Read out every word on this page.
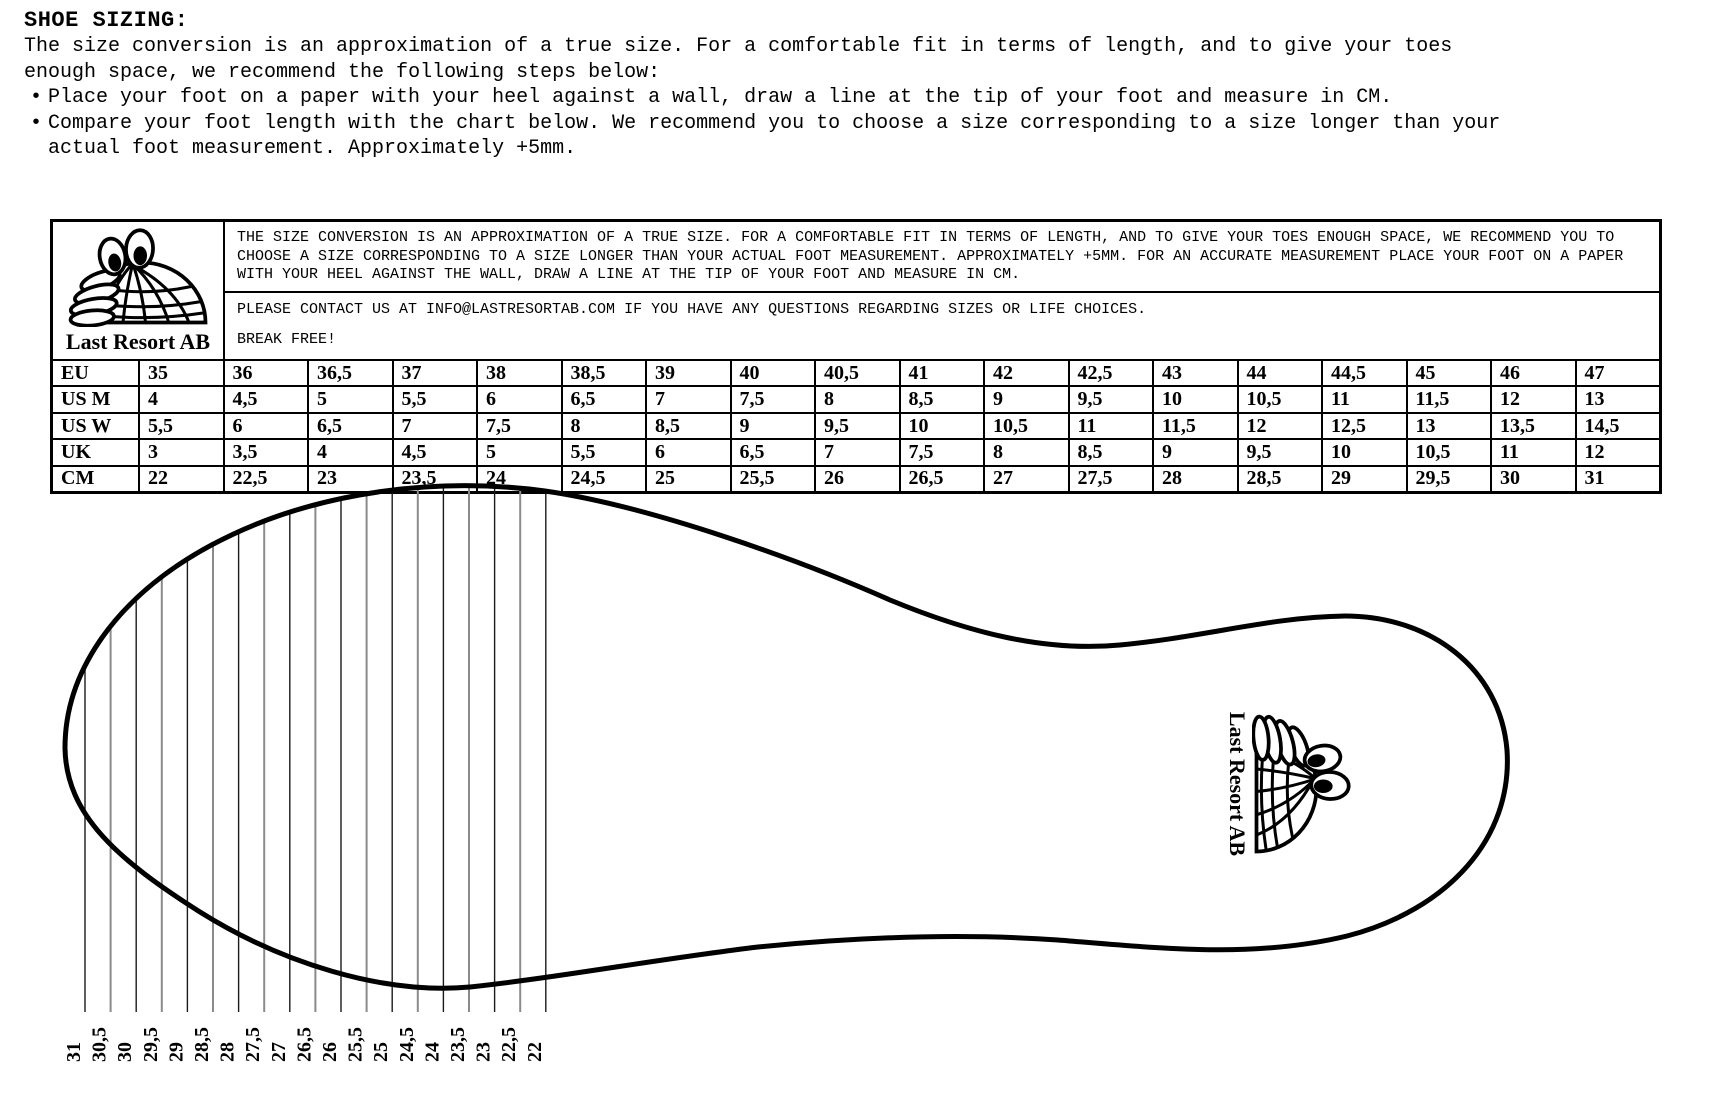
SHOE SIZING:
The size conversion is an approximation of a true size. For a comfortable fit in terms of length, and to give your toes
enough space, we recommend the following steps below:
• Place your foot on a paper with your heel against a wall, draw a line at the tip of your foot and measure in CM.
• Compare your foot length with the chart below. We recommend you to choose a size corresponding to a size longer than your
actual foot measurement. Approximately +5mm.
Last Resort AB
THE SIZE CONVERSION IS AN APPROXIMATION OF A TRUE SIZE. FOR A COMFORTABLE FIT IN TERMS OF LENGTH, AND TO GIVE YOUR TOES ENOUGH SPACE, WE RECOMMEND YOU TO CHOOSE A SIZE CORRESPONDING TO A SIZE LONGER THAN YOUR ACTUAL FOOT MEASUREMENT. APPROXIMATELY +5MM. FOR AN ACCURATE MEASUREMENT PLACE YOUR FOOT ON A PAPER WITH YOUR HEEL AGAINST THE WALL, DRAW A LINE AT THE TIP OF YOUR FOOT AND MEASURE IN CM.
PLEASE CONTACT US AT INFO@LASTRESORTAB.COM IF YOU HAVE ANY QUESTIONS REGARDING SIZES OR LIFE CHOICES.
BREAK FREE!
EU	35	36	36,5	37	38	38,5	39	40	40,5	41	42	42,5	43	44	44,5	45	46	47
US M	4	4,5	5	5,5	6	6,5	7	7,5	8	8,5	9	9,5	10	10,5	11	11,5	12	13
US W	5,5	6	6,5	7	7,5	8	8,5	9	9,5	10	10,5	11	11,5	12	12,5	13	13,5	14,5
UK	3	3,5	4	4,5	5	5,5	6	6,5	7	7,5	8	8,5	9	9,5	10	10,5	11	12
CM	22	22,5	23	23,5	24	24,5	25	25,5	26	26,5	27	27,5	28	28,5	29	29,5	30	31
31 30,5 30 29,5 29 28,5 28 27,5 27 26,5 26 25,5 25 24,5 24 23,5 23 22,5 22
Last Resort AB
